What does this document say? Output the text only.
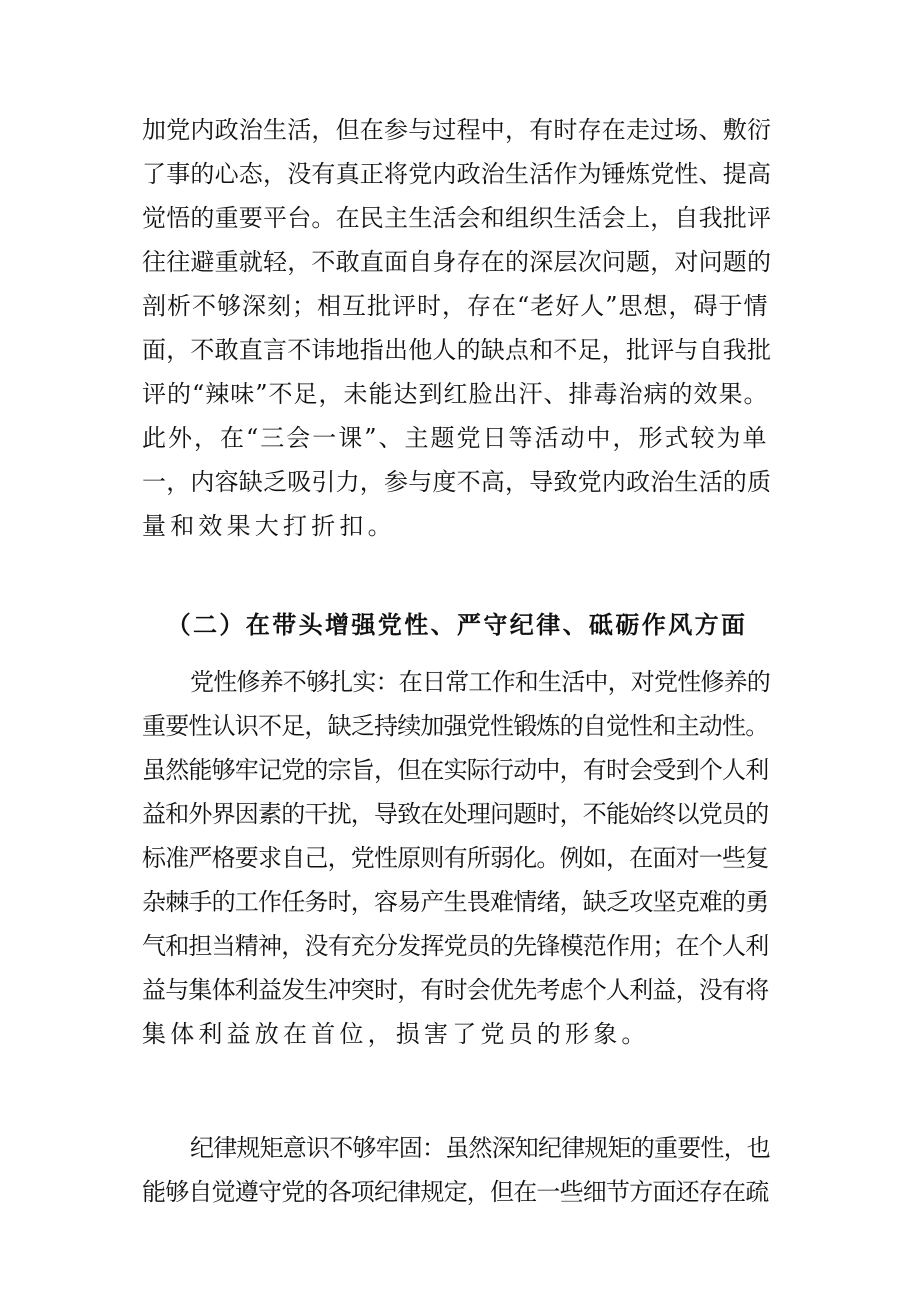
加党内政治生活，但在参与过程中，有时存在走过场、敷衍
了事的心态，没有真正将党内政治生活作为锤炼党性、提高
觉悟的重要平台。在民主生活会和组织生活会上，自我批评
往往避重就轻，不敢直面自身存在的深层次问题，对问题的
剖析不够深刻；相互批评时，存在“老好人”思想，碍于情
面，不敢直言不讳地指出他人的缺点和不足，批评与自我批
评的“辣味”不足，未能达到红脸出汗、排毒治病的效果。
此外，在“三会一课”、主题党日等活动中，形式较为单
一，内容缺乏吸引力，参与度不高，导致党内政治生活的质
量和效果大打折扣。
（二）在带头增强党性、严守纪律、砥砺作风方面
党性修养不够扎实：在日常工作和生活中，对党性修养的
重要性认识不足，缺乏持续加强党性锻炼的自觉性和主动性。
虽然能够牢记党的宗旨，但在实际行动中，有时会受到个人利
益和外界因素的干扰，导致在处理问题时，不能始终以党员的
标准严格要求自己，党性原则有所弱化。例如，在面对一些复
杂棘手的工作任务时，容易产生畏难情绪，缺乏攻坚克难的勇
气和担当精神，没有充分发挥党员的先锋模范作用；在个人利
益与集体利益发生冲突时，有时会优先考虑个人利益，没有将
集体利益放在首位，损害了党员的形象。
纪律规矩意识不够牢固：虽然深知纪律规矩的重要性，也
能够自觉遵守党的各项纪律规定，但在一些细节方面还存在疏
